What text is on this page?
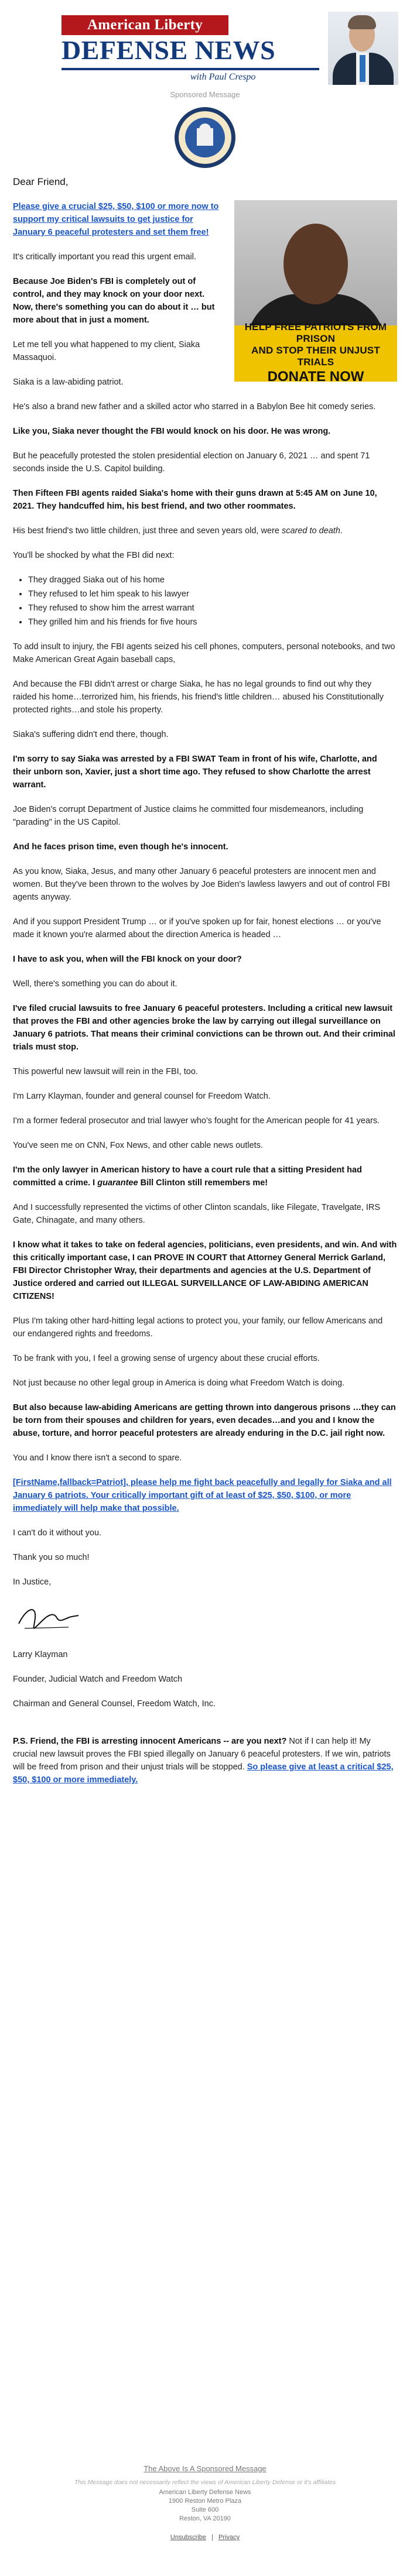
American Liberty
DEFENSE NEWS
with Paul Crespo
Sponsored Message
Dear Friend,
HELP FREE PATRIOTS FROM PRISON
AND STOP THEIR UNJUST TRIALS
DONATE NOW

Please give a crucial $25, $50, $100 or more now to support my critical lawsuits to get justice for January 6 peaceful protesters and set them free!

It's critically important you read this urgent email.

Because Joe Biden's FBI is completely out of control, and they may knock on your door next.
Now, there's something you can do about it … but more about that in just a moment.

Let me tell you what happened to my client, Siaka Massaquoi.

Siaka is a law-abiding patriot.

He's also a brand new father and a skilled actor who starred in a Babylon Bee hit comedy series.

Like you, Siaka never thought the FBI would knock on his door. He was wrong.

But he peacefully protested the stolen presidential election on January 6, 2021 … and spent 71 seconds inside the U.S. Capitol building.

Then Fifteen FBI agents raided Siaka's home with their guns drawn at 5:45 AM on June 10, 2021. They handcuffed him, his best friend, and two other roommates.

His best friend's two little children, just three and seven years old, were scared to death.

You'll be shocked by what the FBI did next:

• They dragged Siaka out of his home
• They refused to let him speak to his lawyer
• They refused to show him the arrest warrant
• They grilled him and his friends for five hours

To add insult to injury, the FBI agents seized his cell phones, computers, personal notebooks, and two Make American Great Again baseball caps,

And because the FBI didn't arrest or charge Siaka, he has no legal grounds to find out why they raided his home…terrorized him, his friends, his friend's little children… abused his Constitutionally protected rights…and stole his property.

Siaka's suffering didn't end there, though.

I'm sorry to say Siaka was arrested by a FBI SWAT Team in front of his wife, Charlotte, and their unborn son, Xavier, just a short time ago. They refused to show Charlotte the arrest warrant.

Joe Biden's corrupt Department of Justice claims he committed four misdemeanors, including "parading" in the US Capitol.

And he faces prison time, even though he's innocent.

As you know, Siaka, Jesus, and many other January 6 peaceful protesters are innocent men and women. But they've been thrown to the wolves by Joe Biden's lawless lawyers and out of control FBI agents anyway.

And if you support President Trump … or if you've spoken up for fair, honest elections … or you've made it known you're alarmed about the direction America is headed …

I have to ask you, when will the FBI knock on your door?

Well, there's something you can do about it.

I've filed crucial lawsuits to free January 6 peaceful protesters. Including a critical new lawsuit that proves the FBI and other agencies broke the law by carrying out illegal surveillance on January 6 patriots. That means their criminal convictions can be thrown out. And their criminal trials must stop.

This powerful new lawsuit will rein in the FBI, too.

I'm Larry Klayman, founder and general counsel for Freedom Watch.

I'm a former federal prosecutor and trial lawyer who's fought for the American people for 41 years.

You've seen me on CNN, Fox News, and other cable news outlets.

I'm the only lawyer in American history to have a court rule that a sitting President had committed a crime. I guarantee Bill Clinton still remembers me!

And I successfully represented the victims of other Clinton scandals, like Filegate, Travelgate, IRS Gate, Chinagate, and many others.

I know what it takes to take on federal agencies, politicians, even presidents, and win. And with this critically important case, I can PROVE IN COURT that Attorney General Merrick Garland, FBI Director Christopher Wray, their departments and agencies at the U.S. Department of Justice ordered and carried out ILLEGAL SURVEILLANCE OF LAW-ABIDING AMERICAN CITIZENS!

Plus I'm taking other hard-hitting legal actions to protect you, your family, our fellow Americans and our endangered rights and freedoms.

To be frank with you, I feel a growing sense of urgency about these crucial efforts.

Not just because no other legal group in America is doing what Freedom Watch is doing.

But also because law-abiding Americans are getting thrown into dangerous prisons …they can be torn from their spouses and children for years, even decades…and you and I know the abuse, torture, and horror peaceful protesters are already enduring in the D.C. jail right now.

You and I know there isn't a second to spare.

[FirstName,fallback=Patriot], please help me fight back peacefully and legally for Siaka and all January 6 patriots. Your critically important gift of at least of $25, $50, $100, or more immediately will help make that possible.

I can't do it without you.

Thank you so much!

In Justice,

Larry Klayman

Founder, Judicial Watch and Freedom Watch

Chairman and General Counsel, Freedom Watch, Inc.

P.S. Friend, the FBI is arresting innocent Americans -- are you next? Not if I can help it! My crucial new lawsuit proves the FBI spied illegally on January 6 peaceful protesters. If we win, patriots will be freed from prison and their unjust trials will be stopped. So please give at least a critical $25, $50, $100 or more immediately.

The Above Is A Sponsored Message
This Message does not necessarily reflect the views of American Liberty Defense or it's affiliates
American Liberty Defense News
1900 Reston Metro Plaza
Suite 600
Reston, VA 20190
Unsubscribe | Privacy
